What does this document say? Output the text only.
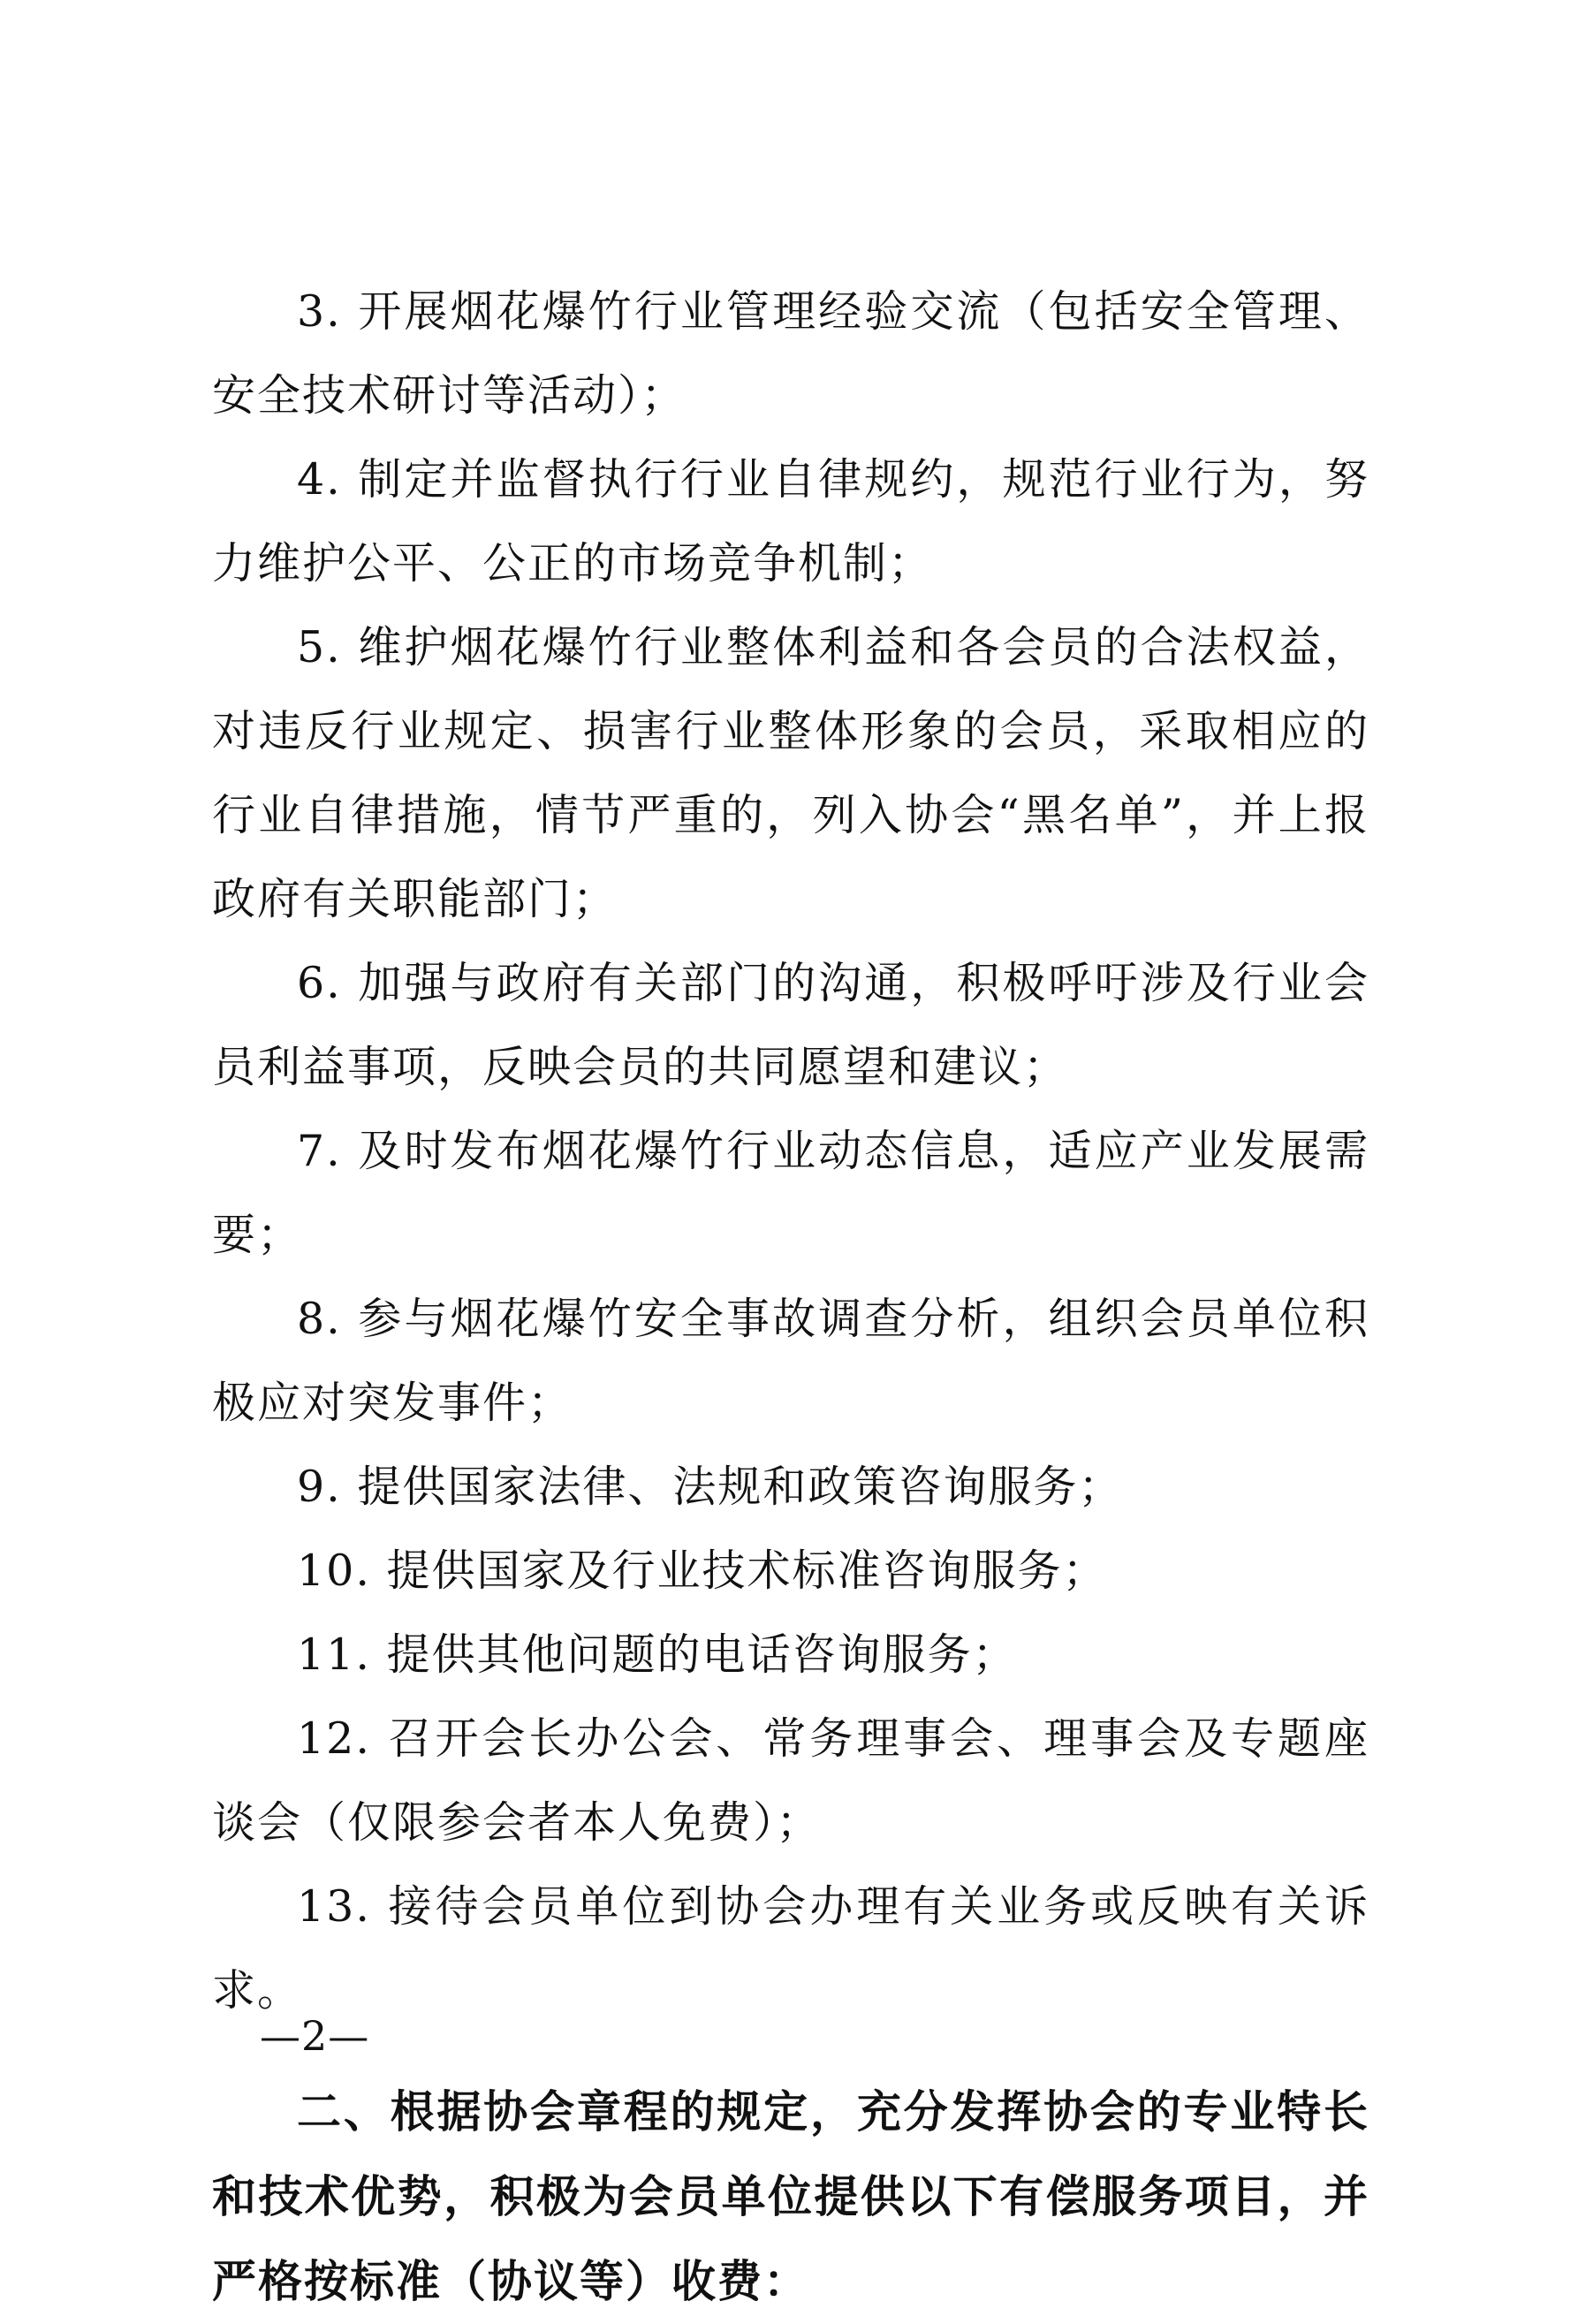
3. 开展烟花爆竹行业管理经验交流（包括安全管理、安全技术研讨等活动）；

4. 制定并监督执行行业自律规约，规范行业行为，努力维护公平、公正的市场竞争机制；

5. 维护烟花爆竹行业整体利益和各会员的合法权益，对违反行业规定、损害行业整体形象的会员，采取相应的行业自律措施，情节严重的，列入协会“黑名单”，并上报政府有关职能部门；

6. 加强与政府有关部门的沟通，积极呼吁涉及行业会员利益事项，反映会员的共同愿望和建议；

7. 及时发布烟花爆竹行业动态信息，适应产业发展需要；

8. 参与烟花爆竹安全事故调查分析，组织会员单位积极应对突发事件；

9. 提供国家法律、法规和政策咨询服务；

10. 提供国家及行业技术标准咨询服务；

11. 提供其他问题的电话咨询服务；

12. 召开会长办公会、常务理事会、理事会及专题座谈会（仅限参会者本人免费）；

13. 接待会员单位到协会办理有关业务或反映有关诉求。

二、根据协会章程的规定，充分发挥协会的专业特长和技术优势，积极为会员单位提供以下有偿服务项目，并严格按标准（协议等）收费：

—2—
